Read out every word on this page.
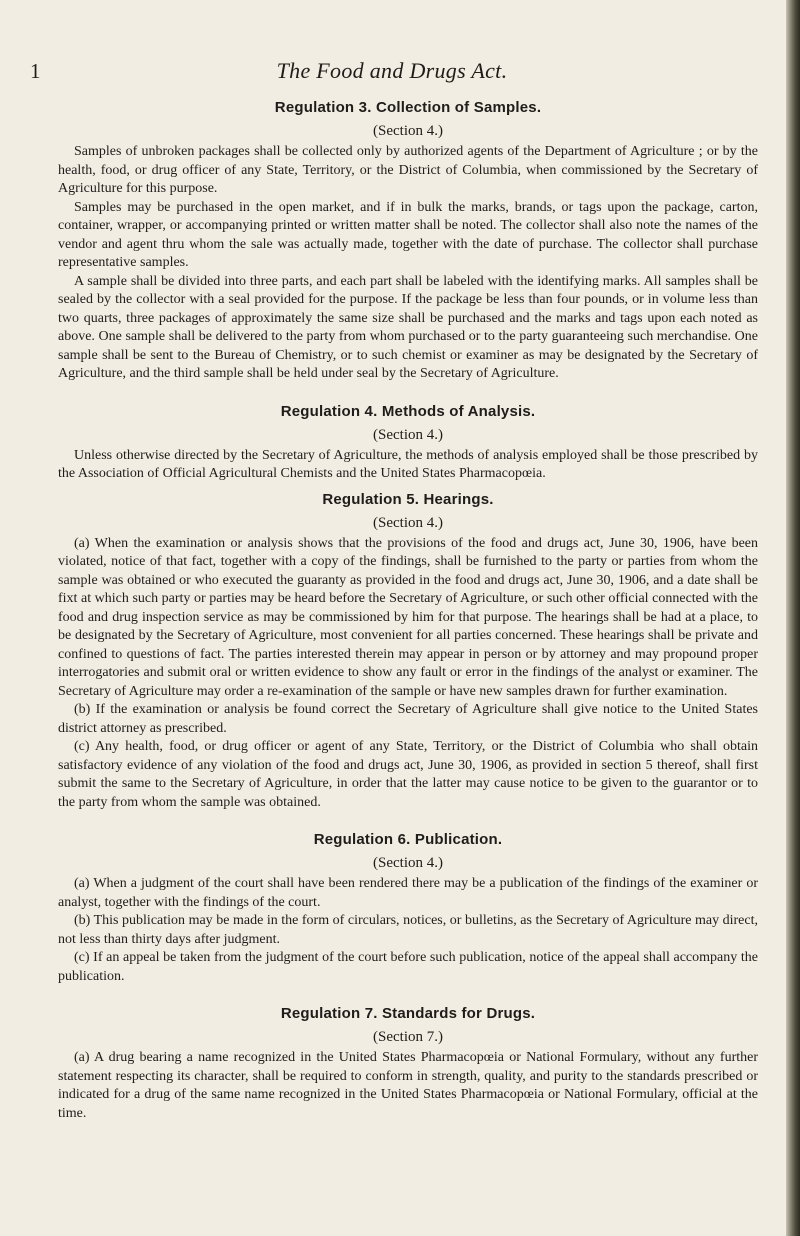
1	The Food and Drugs Act.
Regulation 3. Collection of Samples.
(Section 4.)

Samples of unbroken packages shall be collected only by authorized agents of the Department of Agriculture ; or by the health, food, or drug officer of any State, Territory, or the District of Columbia, when commissioned by the Secretary of Agriculture for this purpose.

Samples may be purchased in the open market, and if in bulk the marks, brands, or tags upon the package, carton, container, wrapper, or accompanying printed or written matter shall be noted. The collector shall also note the names of the vendor and agent thru whom the sale was actually made, together with the date of purchase. The collector shall purchase representative samples.

A sample shall be divided into three parts, and each part shall be labeled with the identifying marks. All samples shall be sealed by the collector with a seal provided for the purpose. If the package be less than four pounds, or in volume less than two quarts, three packages of approximately the same size shall be purchased and the marks and tags upon each noted as above. One sample shall be delivered to the party from whom purchased or to the party guaranteeing such merchandise. One sample shall be sent to the Bureau of Chemistry, or to such chemist or examiner as may be designated by the Secretary of Agriculture, and the third sample shall be held under seal by the Secretary of Agriculture.

Regulation 4. Methods of Analysis.
(Section 4.)

Unless otherwise directed by the Secretary of Agriculture, the methods of analysis employed shall be those prescribed by the Association of Official Agricultural Chemists and the United States Pharmacopœia.

Regulation 5. Hearings.
(Section 4.)

(a) When the examination or analysis shows that the provisions of the food and drugs act, June 30, 1906, have been violated, notice of that fact, together with a copy of the findings, shall be furnished to the party or parties from whom the sample was obtained or who executed the guaranty as provided in the food and drugs act, June 30, 1906, and a date shall be fixt at which such party or parties may be heard before the Secretary of Agriculture, or such other official connected with the food and drug inspection service as may be commissioned by him for that purpose. The hearings shall be had at a place, to be designated by the Secretary of Agriculture, most convenient for all parties concerned. These hearings shall be private and confined to questions of fact. The parties interested therein may appear in person or by attorney and may propound proper interrogatories and submit oral or written evidence to show any fault or error in the findings of the analyst or examiner. The Secretary of Agriculture may order a re-examination of the sample or have new samples drawn for further examination.

(b) If the examination or analysis be found correct the Secretary of Agriculture shall give notice to the United States district attorney as prescribed.

(c) Any health, food, or drug officer or agent of any State, Territory, or the District of Columbia who shall obtain satisfactory evidence of any violation of the food and drugs act, June 30, 1906, as provided in section 5 thereof, shall first submit the same to the Secretary of Agriculture, in order that the latter may cause notice to be given to the guarantor or to the party from whom the sample was obtained.

Regulation 6. Publication.
(Section 4.)

(a) When a judgment of the court shall have been rendered there may be a publication of the findings of the examiner or analyst, together with the findings of the court.

(b) This publication may be made in the form of circulars, notices, or bulletins, as the Secretary of Agriculture may direct, not less than thirty days after judgment.

(c) If an appeal be taken from the judgment of the court before such publication, notice of the appeal shall accompany the publication.

Regulation 7. Standards for Drugs.
(Section 7.)

(a) A drug bearing a name recognized in the United States Pharmacopœia or National Formulary, without any further statement respecting its character, shall be required to conform in strength, quality, and purity to the standards prescribed or indicated for a drug of the same name recognized in the United States Pharmacopœia or National Formulary, official at the time.
